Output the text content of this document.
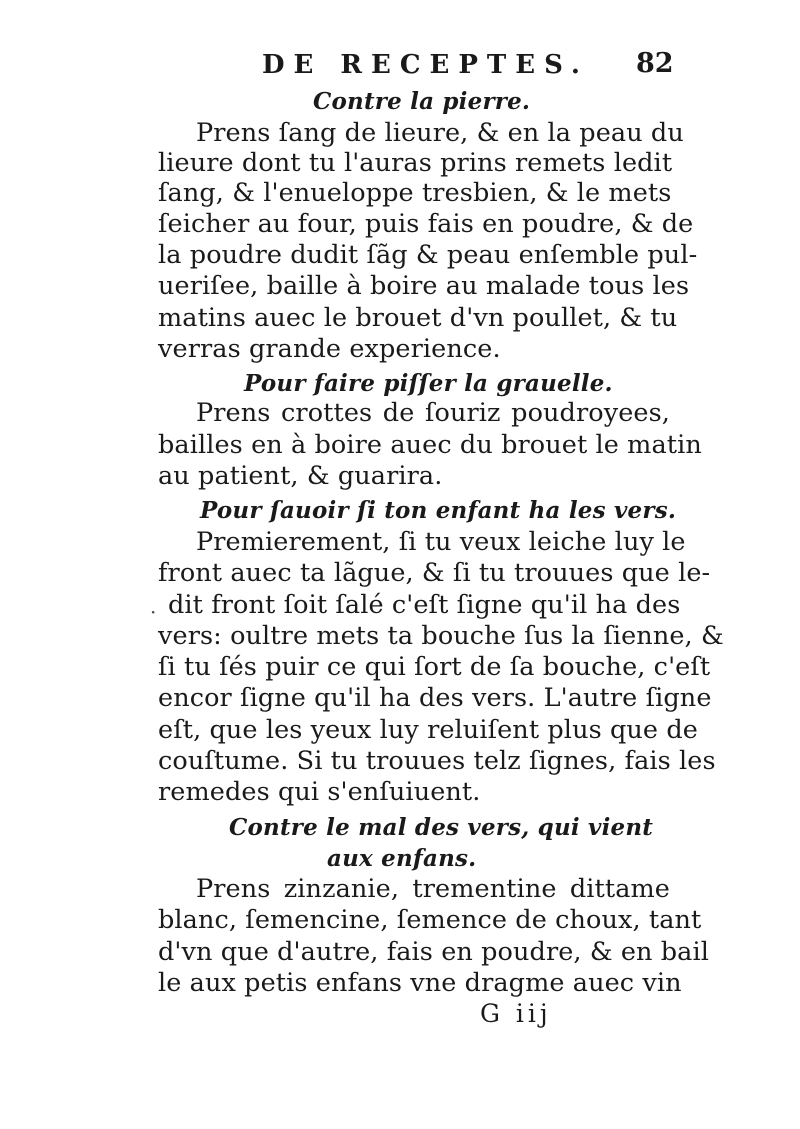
DE RECEPTES. 82
Contre la pierre.
Prens ſang de lieure, & en la peau du
lieure dont tu l'auras prins remets ledit
ſang, & l'enueloppe tresbien, & le mets
ſeicher au four, puis fais en poudre, & de
la poudre dudit ſãg & peau enſemble pul-
ueriſee, baille à boire au malade tous les
matins auec le brouet d'vn poullet, & tu
verras grande experience.
Pour faire piſſer la grauelle.
Prens crottes de ſouriz poudroyees,
bailles en à boire auec du brouet le matin
au patient, & guarira.
Pour ſauoir ſi ton enfant ha les vers.
Premierement, ſi tu veux leiche luy le
front auec ta lãgue, & ſi tu trouues que le-
dit front ſoit ſalé c'eſt ſigne qu'il ha des
vers: oultre mets ta bouche ſus la ſienne, &
ſi tu ſés puir ce qui ſort de ſa bouche, c'eſt
encor ſigne qu'il ha des vers. L'autre ſigne
eſt, que les yeux luy reluiſent plus que de
couſtume. Si tu trouues telz ſignes, fais les
remedes qui s'enſuiuent.
Contre le mal des vers, qui vient
aux enfans.
Prens zinzanie, trementine dittame
blanc, ſemencine, ſemence de choux, tant
d'vn que d'autre, fais en poudre, & en bail
le aux petis enfans vne dragme auec vin
G iij
·
